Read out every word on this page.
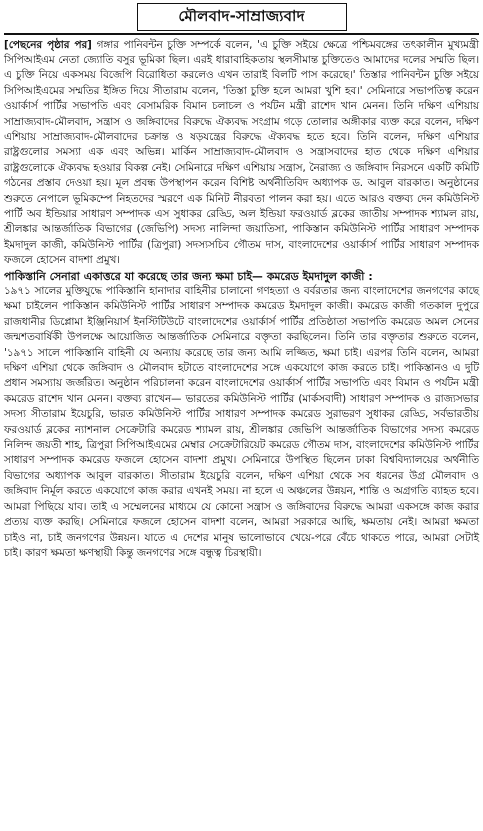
মৌলবাদ-সাম্রাজ্যবাদ

[পেছনের পৃষ্ঠার পর] গঙ্গার পানিবন্টন চুক্তি সম্পর্কে বলেন, 'এ চুক্তি সইয়ে ক্ষেত্রে পশ্চিমবঙ্গের তৎকালীন মুখ্যমন্ত্রী সিপিআইএম নেতা জ্যোতি বসুর ভূমিকা ছিল। এরই ধারাবাহিকতায় স্থলসীমান্ত চুক্তিতেও আমাদের দলের সম্মতি ছিল। এ চুক্তি নিয়ে একসময় বিজেপি বিরোধিতা করলেও এখন তারাই বিলটি পাস করেছে।' তিস্তার পানিবন্টন চুক্তি সইয়ে সিপিআইএমের সম্মতির ইঙ্গিত দিয়ে সীতারাম বলেন, 'তিস্তা চুক্তি হলে আমরা খুশি হব।' সেমিনারে সভাপতিত্ব করেন ওয়ার্কার্স পার্টির সভাপতি এবং বেসামরিক বিমান চলাচল ও পর্যটন মন্ত্রী রাশেদ খান মেনন। তিনি দক্ষিণ এশিয়ায় সাম্রাজ্যবাদ-মৌলবাদ, সন্ত্রাস ও জঙ্গিবাদের বিরুদ্ধে ঐক্যবদ্ধ সংগ্রাম গড়ে তোলার অঙ্গীকার ব্যক্ত করে বলেন, দক্ষিণ এশিয়ায় সাম্রাজ্যবাদ-মৌলবাদের চক্রান্ত ও ষড়যন্ত্রের বিরুদ্ধে ঐক্যবদ্ধ হতে হবে। তিনি বলেন, দক্ষিণ এশিয়ার রাষ্ট্রগুলোর সমস্যা এক এবং অভিন্ন। মার্কিন সাম্রাজ্যবাদ-মৌলবাদ ও সন্ত্রাসবাদের হাত থেকে দক্ষিণ এশিয়ার রাষ্ট্রগুলোকে ঐক্যবদ্ধ হওয়ার বিকল্প নেই। সেমিনারে দক্ষিণ এশিয়ায় সন্ত্রাস, নৈরাজ্য ও জঙ্গিবাদ নিরসনে একটি কমিটি গঠনের প্রস্তাব দেওয়া হয়। মূল প্রবন্ধ উপস্থাপন করেন বিশিষ্ট অর্থনীতিবিদ অধ্যাপক ড. আবুল বারকাত। অনুষ্ঠানের শুরুতে নেপালে ভূমিকম্পে নিহতদের স্মরণে এক মিনিট নীরবতা পালন করা হয়। এতে আরও বক্তব্য দেন কমিউনিস্ট পার্টি অব ইন্ডিয়ার সাধারণ সম্পাদক এস সুধাকর রেড্ডি, অল ইন্ডিয়া ফরওয়ার্ড ব্লকের জাতীয় সম্পাদক শ্যামল রায়, শ্রীলঙ্কার আন্তর্জাতিক বিভাগের (জেভিপি) সদস্য নালিন্দা জয়াতিসা, পাকিস্তান কমিউনিস্ট পার্টির সাধারণ সম্পাদক ইমদাদুল কাজী, কমিউনিস্ট পার্টির (ত্রিপুরা) সদস্যসচিব গৌতম দাস, বাংলাদেশের ওয়ার্কার্স পার্টির সাধারণ সম্পাদক ফজলে হোসেন বাদশা প্রমুখ।

পাকিস্তানি সেনারা একাত্তরে যা করেছে তার জন্য ক্ষমা চাই— কমরেড ইমদাদুল কাজী :

১৯৭১ সালের মুক্তিযুদ্ধে পাকিস্তানি হানাদার বাহিনীর চালানো গণহত্যা ও বর্বরতার জন্য বাংলাদেশের জনগণের কাছে ক্ষমা চাইলেন পাকিস্তান কমিউনিস্ট পার্টির সাধারণ সম্পাদক কমরেড ইমদাদুল কাজী। কমরেড কাজী গতকাল দুপুরে রাজধানীর ডিপ্লোমা ইঞ্জিনিয়ার্স ইনস্টিটিউটে বাংলাদেশের ওয়ার্কার্স পার্টির প্রতিষ্ঠাতা সভাপতি কমরেড অমল সেনের জন্মশতবার্ষিকী উপলক্ষে আয়োজিত আন্তর্জাতিক সেমিনারে বক্তৃতা করছিলেন। তিনি তার বক্তৃতার শুরুতে বলেন, '১৯৭১ সালে পাকিস্তানি বাহিনী যে অন্যায় করেছে তার জন্য আমি লজ্জিত, ক্ষমা চাই। এরপর তিনি বলেন, আমরা দক্ষিণ এশিয়া থেকে জঙ্গিবাদ ও মৌলবাদ হটাতে বাংলাদেশের সঙ্গে একযোগে কাজ করতে চাই। পাকিস্তানও এ দুটি প্রধান সমস্যায় জর্জরিত। অনুষ্ঠান পরিচালনা করেন বাংলাদেশের ওয়ার্কার্স পার্টির সভাপতি এবং বিমান ও পর্যটন মন্ত্রী কমরেড রাশেদ খান মেনন। বক্তব্য রাখেন— ভারতের কমিউনিস্ট পার্টির (মার্কসবাদী) সাধারণ সম্পাদক ও রাজ্যসভার সদস্য সীতারাম ইয়েচুরি, ভারত কমিউনিস্ট পার্টির সাধারণ সম্পাদক কমরেড সুরাভরণ সুধাকর রেড্ডি, সর্বভারতীয় ফরওয়ার্ড ব্লকের ন্যাশনাল সেক্রেটারি কমরেড শ্যামল রায়, শ্রীলঙ্কার জেভিপি আন্তর্জাতিক বিভাগের সদস্য কমরেড নিলিন্দ জয়তী শাহ, ত্রিপুরা সিপিআইএমের মেম্বার সেক্রেটারিয়েট কমরেড গৌতম দাস, বাংলাদেশের কমিউনিস্ট পার্টির সাধারণ সম্পাদক কমরেড ফজলে হোসেন বাদশা প্রমুখ। সেমিনারে উপস্থিত ছিলেন ঢাকা বিশ্ববিদ্যালয়ের অর্থনীতি বিভাগের অধ্যাপক আবুল বারকাত। সীতারাম ইয়েচুরি বলেন, দক্ষিণ এশিয়া থেকে সব ধরনের উগ্র মৌলবাদ ও জঙ্গিবাদ নির্মূল করতে একযোগে কাজ করার এখনই সময়। না হলে এ অঞ্চলের উন্নয়ন, শান্তি ও অগ্রগতি ব্যাহত হবে। আমরা পিছিয়ে যাব। তাই এ সম্মেলনের মাধ্যমে যে কোনো সন্ত্রাস ও জঙ্গিবাদের বিরুদ্ধে আমরা একসঙ্গে কাজ করার প্রত্যয় ব্যক্ত করছি। সেমিনারে ফজলে হোসেন বাদশা বলেন, আমরা সরকারে আছি, ক্ষমতায় নেই। আমরা ক্ষমতা চাইও না, চাই জনগণের উন্নয়ন। যাতে এ দেশের মানুষ ভালোভাবে খেয়ে-পরে বেঁচে থাকতে পারে, আমরা সেটাই চাই। কারণ ক্ষমতা ক্ষণস্থায়ী কিন্তু জনগণের সঙ্গে বন্ধুত্ব চিরস্থায়ী।
